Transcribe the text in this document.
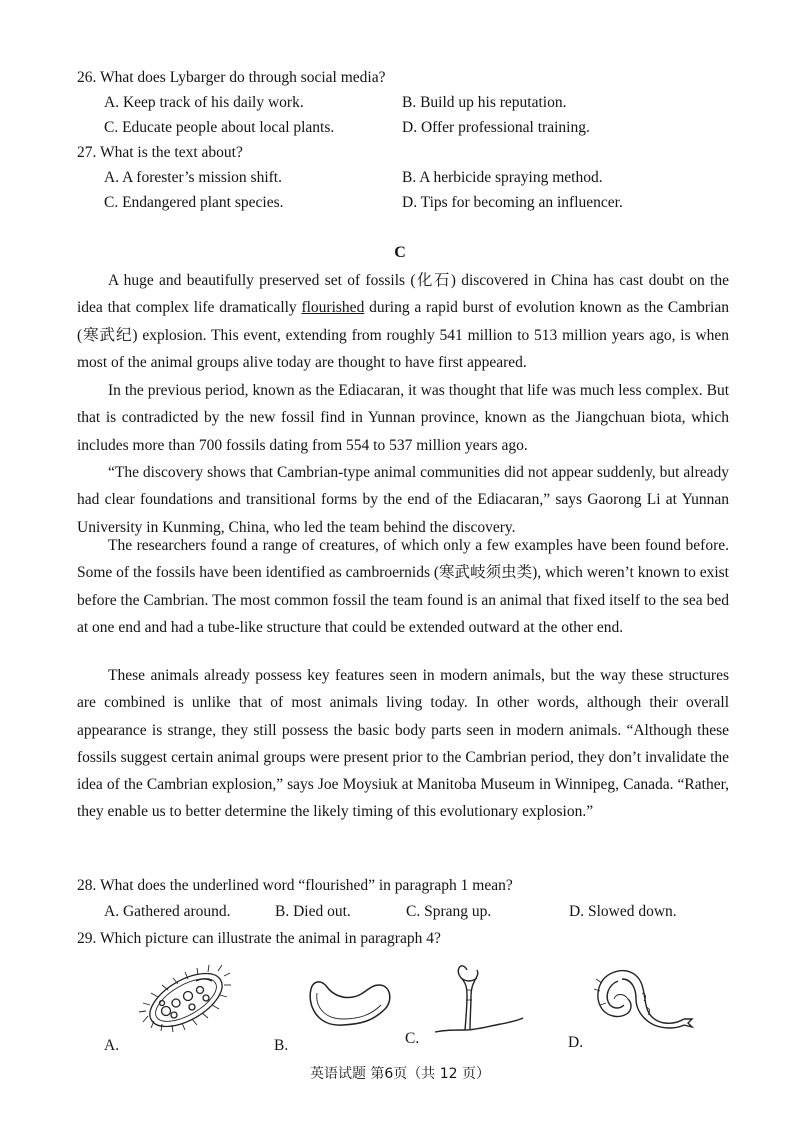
26. What does Lybarger do through social media?
A. Keep track of his daily work.	B. Build up his reputation.
C. Educate people about local plants.	D. Offer professional training.
27. What is the text about?
A. A forester’s mission shift.	B. A herbicide spraying method.
C. Endangered plant species.	D. Tips for becoming an influencer.
C

A huge and beautifully preserved set of fossils (化石) discovered in China has cast doubt on the idea that complex life dramatically flourished during a rapid burst of evolution known as the Cambrian (寒武纪) explosion. This event, extending from roughly 541 million to 513 million years ago, is when most of the animal groups alive today are thought to have first appeared.

In the previous period, known as the Ediacaran, it was thought that life was much less complex. But that is contradicted by the new fossil find in Yunnan province, known as the Jiangchuan biota, which includes more than 700 fossils dating from 554 to 537 million years ago.

“The discovery shows that Cambrian-type animal communities did not appear suddenly, but already had clear foundations and transitional forms by the end of the Ediacaran,” says Gaorong Li at Yunnan University in Kunming, China, who led the team behind the discovery.

The researchers found a range of creatures, of which only a few examples have been found before. Some of the fossils have been identified as cambroernids (寒武岐须虫类), which weren’t known to exist before the Cambrian. The most common fossil the team found is an animal that fixed itself to the sea bed at one end and had a tube-like structure that could be extended outward at the other end.

These animals already possess key features seen in modern animals, but the way these structures are combined is unlike that of most animals living today. In other words, although their overall appearance is strange, they still possess the basic body parts seen in modern animals. “Although these fossils suggest certain animal groups were present prior to the Cambrian period, they don’t invalidate the idea of the Cambrian explosion,” says Joe Moysiuk at Manitoba Museum in Winnipeg, Canada. “Rather, they enable us to better determine the likely timing of this evolutionary explosion.”

28. What does the underlined word “flourished” in paragraph 1 mean?
A. Gathered around.	B. Died out.	C. Sprang up.	D. Slowed down.
29. Which picture can illustrate the animal in paragraph 4?
A.	B.	C.	D.
英语试题 第6页（共 12 页）
